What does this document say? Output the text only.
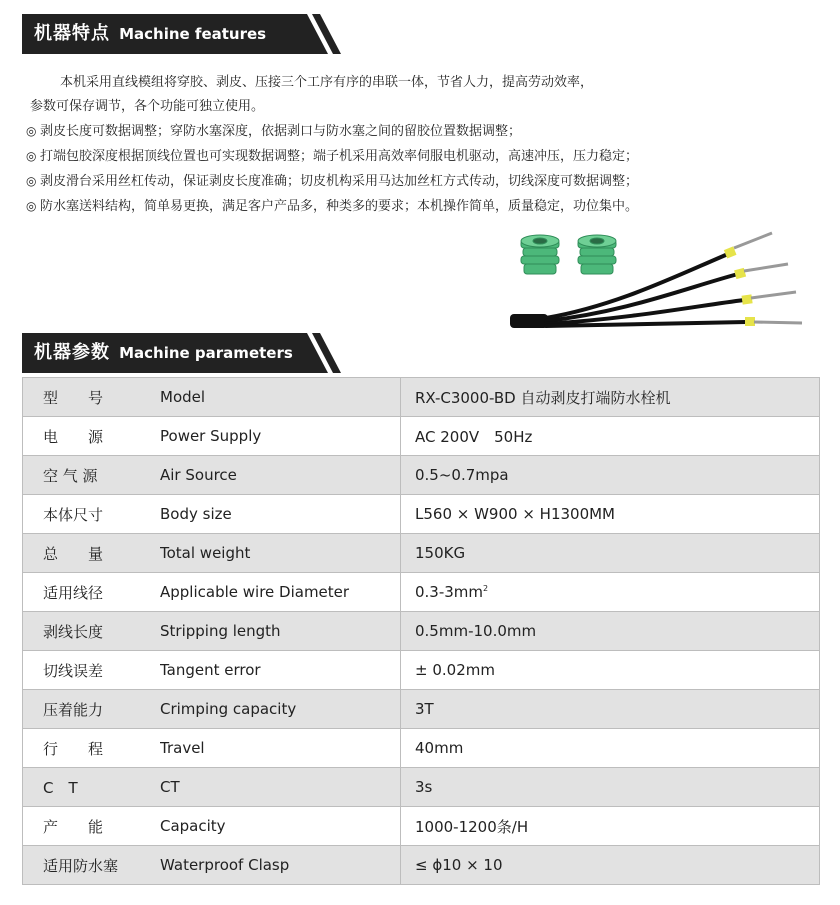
机器特点 Machine features

本机采用直线模组将穿胶、剥皮、压接三个工序有序的串联一体，节省人力，提高劳动效率，

参数可保存调节，各个功能可独立使用。

◎ 剥皮长度可数据调整；穿防水塞深度，依据剥口与防水塞之间的留胶位置数据调整；

◎ 打端包胶深度根据顶线位置也可实现数据调整；端子机采用高效率伺服电机驱动，高速冲压，压力稳定；

◎ 剥皮滑台采用丝杠传动，保证剥皮长度准确；切皮机构采用马达加丝杠方式传动，切线深度可数据调整；

◎ 防水塞送料结构，简单易更换，满足客户产品多，种类多的要求；本机操作简单，质量稳定，功位集中。

机器参数 Machine parameters
型　　号	Model	RX-C3000-BD 自动剥皮打端防水栓机
电　　源	Power Supply	AC 200V　50Hz
空 气 源	Air Source	0.5~0.7mpa
本体尺寸	Body size	L560 × W900 × H1300MM
总　　量	Total weight	150KG
适用线径	Applicable wire Diameter	$0.3-3mm^2$
剥线长度	Stripping length	0.5mm-10.0mm
切线误差	Tangent error	± 0.02mm
压着能力	Crimping capacity	3T
行　　程	Travel	40mm
C　T	CT	3s
产　　能	Capacity	1000-1200条/H
适用防水塞	Waterproof Clasp	≤ ϕ10 × 10
